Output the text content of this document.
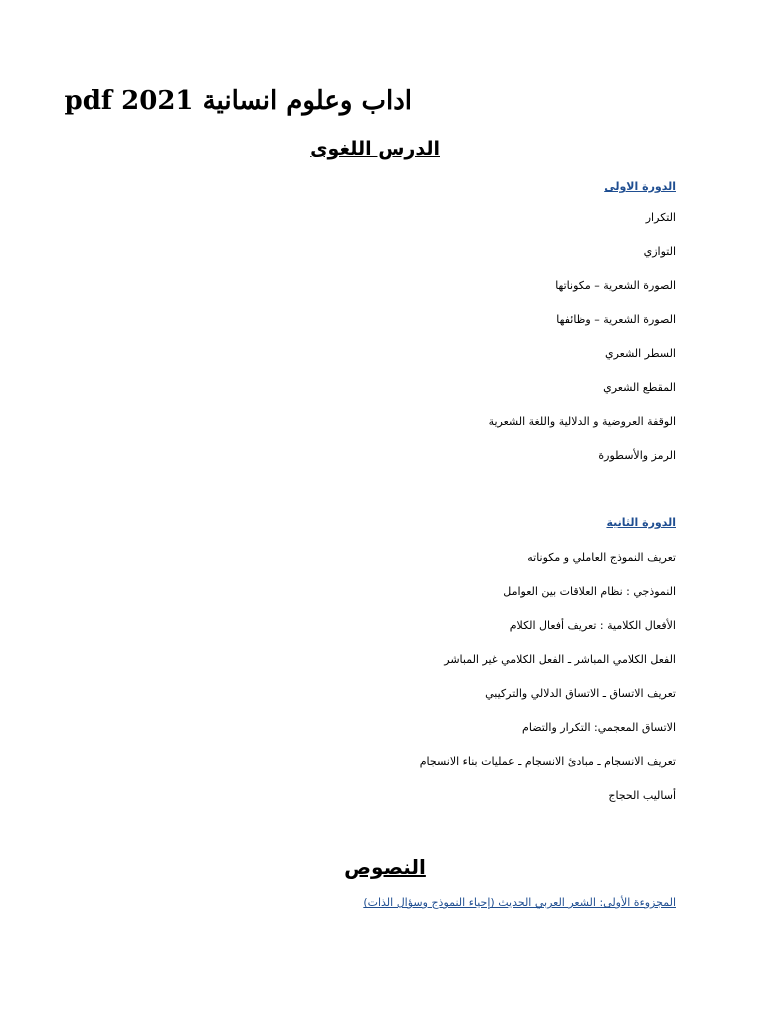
اداب وعلوم انسانية 2021 pdf
الدرس اللغوى
الدورة الاولى
التكرار
التوازي
الصورة الشعرية – مكوناتها
الصورة الشعرية – وظائفها
السطر الشعري
المقطع الشعري
الوقفة العروضية و الدلالية واللغة الشعرية
الرمز والأسطورة
الدورة الثانية
تعريف النموذج العاملي و مكوناته
النموذجي : نظام العلاقات بين العوامل
الأفعال الكلامية : تعريف أفعال الكلام
الفعل الكلامي المباشر ـ الفعل الكلامي غير المباشر
تعريف الاتساق ـ الاتساق الدلالي والتركيبي
الاتساق المعجمي: التكرار والتضام
تعريف الانسجام ـ مبادئ الانسجام ـ عمليات بناء الانسجام
أساليب الحجاج
النصوص
المجزوءة الأولى: الشعر العربي الحديث (إحياء النموذج وسؤال الذات)
